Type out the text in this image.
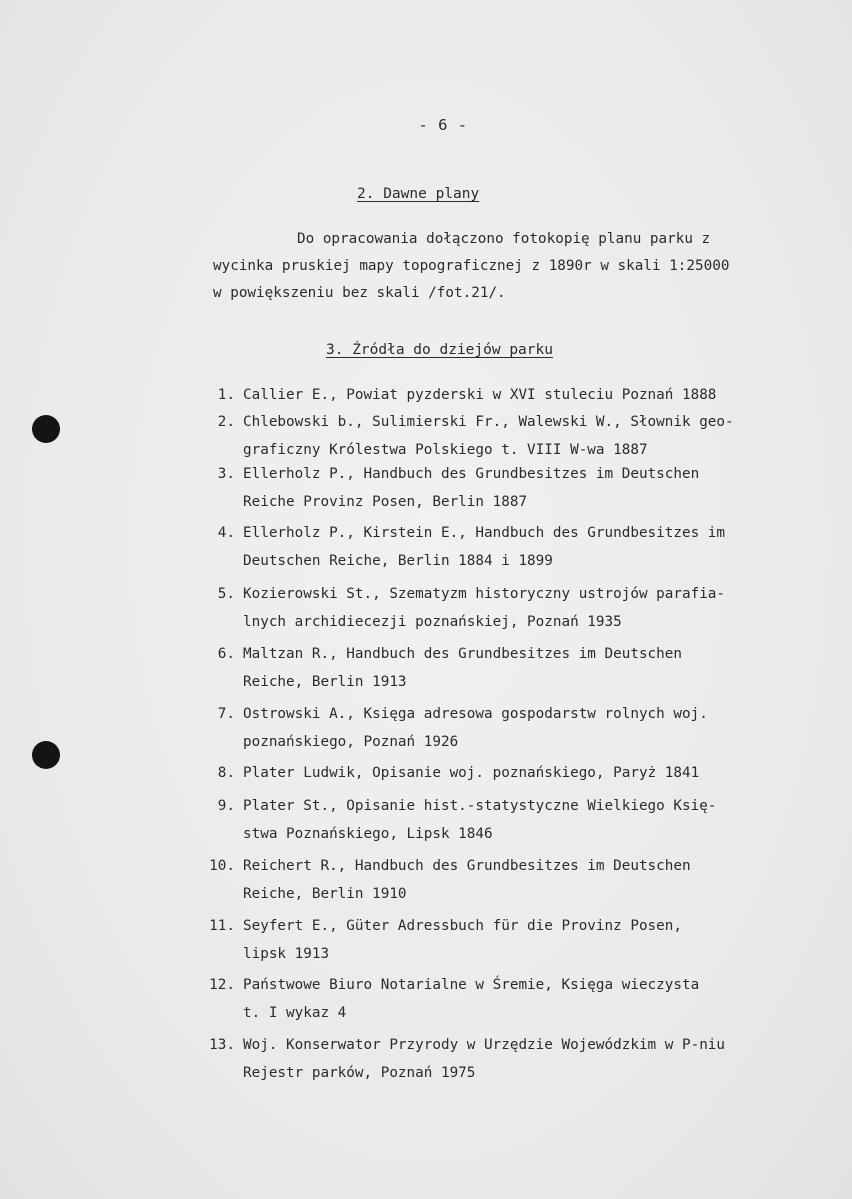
- 6 -
2. Dawne plany
Do opracowania dołączono fotokopię planu parku z
wycinka pruskiej mapy topograficznej z 1890r w skali 1:25000
w powiększeniu bez skali /fot.21/.
3. Źródła do dziejów parku
1. Callier E., Powiat pyzderski w XVI stuleciu Poznań 1888
2. Chlebowski b., Sulimierski Fr., Walewski W., Słownik geo-
graficzny Królestwa Polskiego t. VIII W-wa 1887
3. Ellerholz P., Handbuch des Grundbesitzes im Deutschen
Reiche Provinz Posen, Berlin 1887
4. Ellerholz P., Kirstein E., Handbuch des Grundbesitzes im
Deutschen Reiche, Berlin 1884 i 1899
5. Kozierowski St., Szematyzm historyczny ustrojów parafia-
lnych archidiecezji poznańskiej, Poznań 1935
6. Maltzan R., Handbuch des Grundbesitzes im Deutschen
Reiche, Berlin 1913
7. Ostrowski A., Księga adresowa gospodarstw rolnych woj.
poznańskiego, Poznań 1926
8. Plater Ludwik, Opisanie woj. poznańskiego, Paryż 1841
9. Plater St., Opisanie hist.-statystyczne Wielkiego Księ-
stwa Poznańskiego, Lipsk 1846
10. Reichert R., Handbuch des Grundbesitzes im Deutschen
Reiche, Berlin 1910
11. Seyfert E., Güter Adressbuch für die Provinz Posen,
lipsk 1913
12. Państwowe Biuro Notarialne w Śremie, Księga wieczysta
t. I wykaz 4
13. Woj. Konserwator Przyrody w Urzędzie Wojewódzkim w P-niu
Rejestr parków, Poznań 1975
